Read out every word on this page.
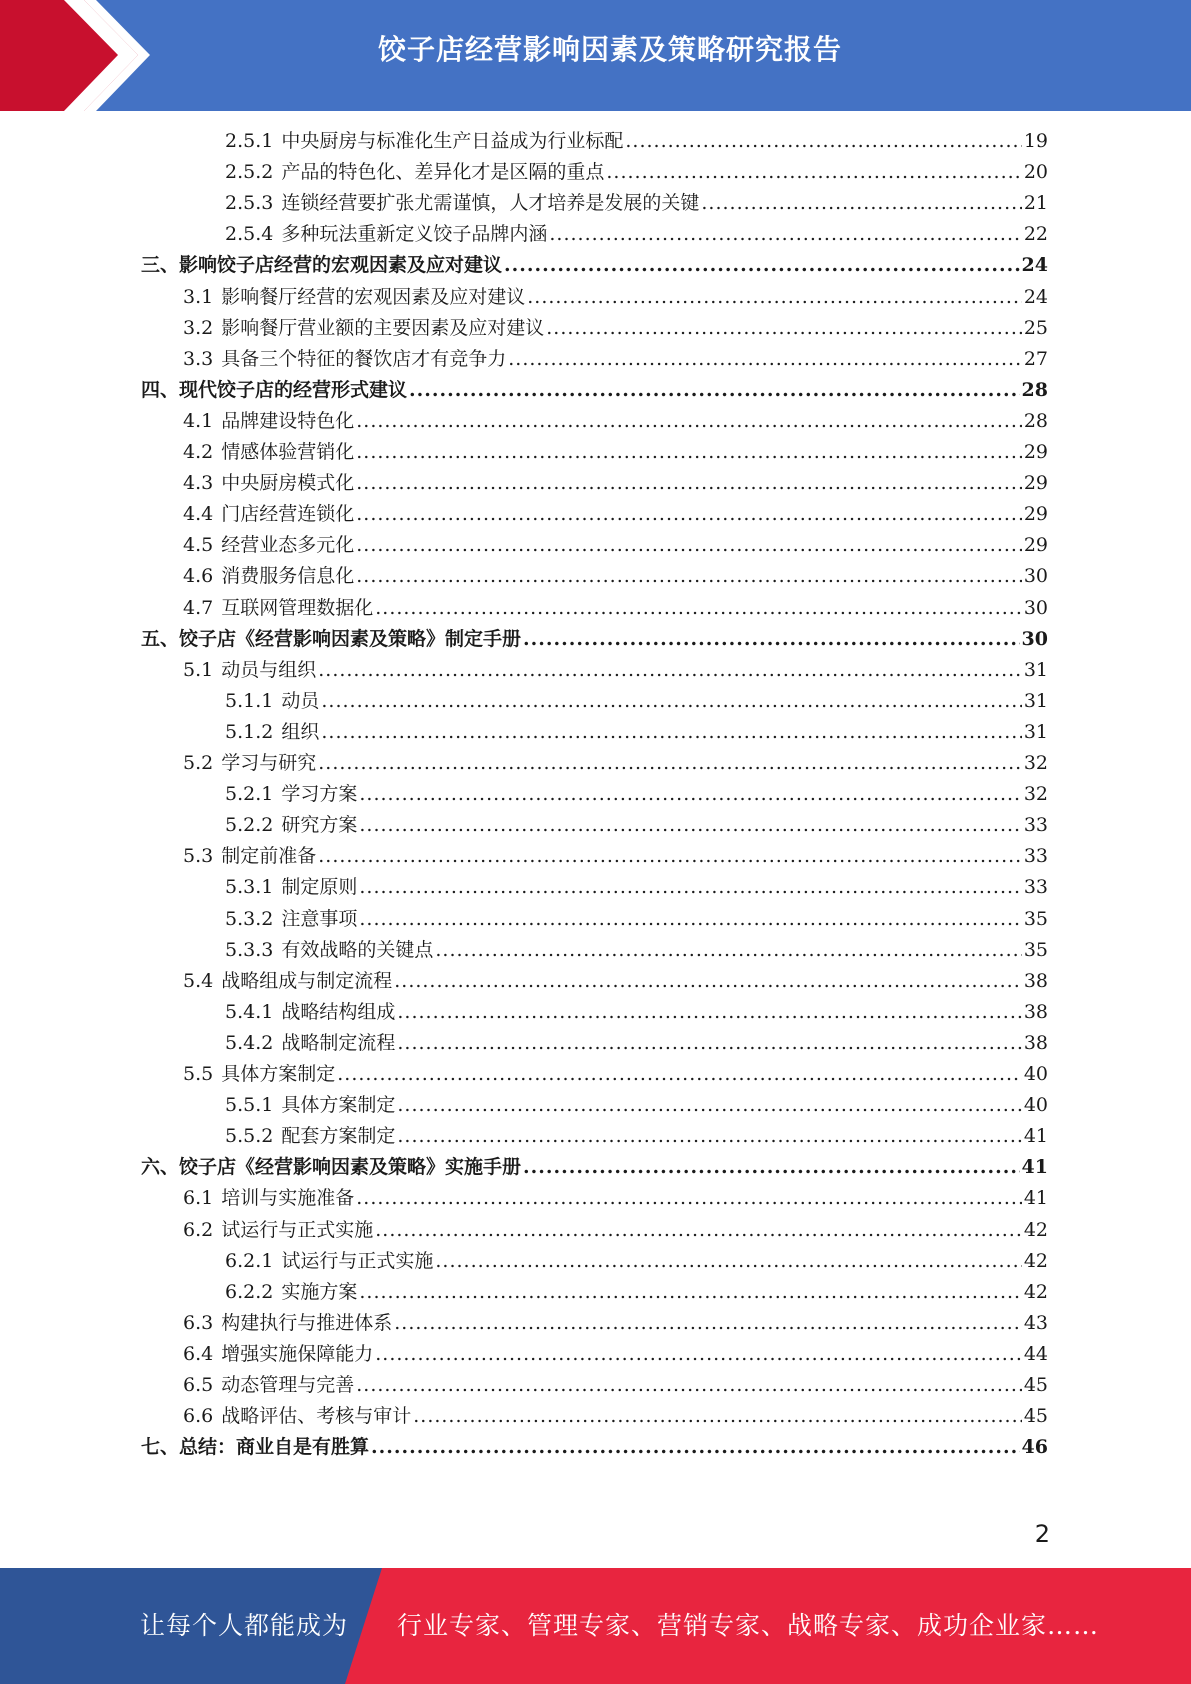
饺子店经营影响因素及策略研究报告
2.5.1 中央厨房与标准化生产日益成为行业标配 .....	19
2.5.2 产品的特色化、差异化才是区隔的重点 .....	20
2.5.3 连锁经营要扩张尤需谨慎，人才培养是发展的关键 .....	21
2.5.4 多种玩法重新定义饺子品牌内涵 .....	22
三、影响饺子店经营的宏观因素及应对建议 .....	24
3.1 影响餐厅经营的宏观因素及应对建议 .....	24
3.2 影响餐厅营业额的主要因素及应对建议 .....	25
3.3 具备三个特征的餐饮店才有竞争力 .....	27
四、现代饺子店的经营形式建议 .....	28
4.1 品牌建设特色化 .....	28
4.2 情感体验营销化 .....	29
4.3 中央厨房模式化 .....	29
4.4 门店经营连锁化 .....	29
4.5 经营业态多元化 .....	29
4.6 消费服务信息化 .....	30
4.7 互联网管理数据化 .....	30
五、饺子店《经营影响因素及策略》制定手册 .....	30
5.1 动员与组织 .....	31
5.1.1 动员 .....	31
5.1.2 组织 .....	31
5.2 学习与研究 .....	32
5.2.1 学习方案 .....	32
5.2.2 研究方案 .....	33
5.3 制定前准备 .....	33
5.3.1 制定原则 .....	33
5.3.2 注意事项 .....	35
5.3.3 有效战略的关键点 .....	35
5.4 战略组成与制定流程 .....	38
5.4.1 战略结构组成 .....	38
5.4.2 战略制定流程 .....	38
5.5 具体方案制定 .....	40
5.5.1 具体方案制定 .....	40
5.5.2 配套方案制定 .....	41
六、饺子店《经营影响因素及策略》实施手册 .....	41
6.1 培训与实施准备 .....	41
6.2 试运行与正式实施 .....	42
6.2.1 试运行与正式实施 .....	42
6.2.2 实施方案 .....	42
6.3 构建执行与推进体系 .....	43
6.4 增强实施保障能力 .....	44
6.5 动态管理与完善 .....	45
6.6 战略评估、考核与审计 .....	45
七、总结：商业自是有胜算 .....	46
2
让每个人都能成为 行业专家、管理专家、营销专家、战略专家、成功企业家……
